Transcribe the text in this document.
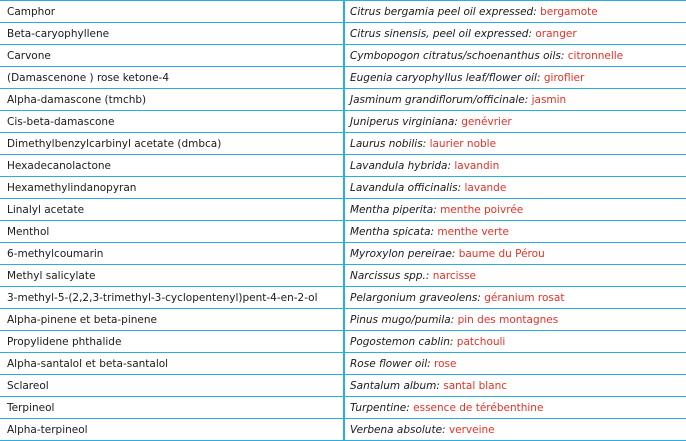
Camphor	Citrus bergamia peel oil expressed: bergamote
Beta-caryophyllene	Citrus sinensis, peel oil expressed: oranger
Carvone	Cymbopogon citratus/schoenanthus oils: citronnelle
(Damascenone ) rose ketone-4	Eugenia caryophyllus leaf/flower oil: giroflier
Alpha-damascone (tmchb)	Jasminum grandiflorum/officinale: jasmin
Cis-beta-damascone	Juniperus virginiana: genévrier
Dimethylbenzylcarbinyl acetate (dmbca)	Laurus nobilis: laurier noble
Hexadecanolactone	Lavandula hybrida: lavandin
Hexamethylindanopyran	Lavandula officinalis: lavande
Linalyl acetate	Mentha piperita: menthe poivrée
Menthol	Mentha spicata: menthe verte
6-methylcoumarin	Myroxylon pereirae: baume du Pérou
Methyl salicylate	Narcissus spp.: narcisse
3-methyl-5-(2,2,3-trimethyl-3-cyclopentenyl)pent-4-en-2-ol	Pelargonium graveolens: géranium rosat
Alpha-pinene et beta-pinene	Pinus mugo/pumila: pin des montagnes
Propylidene phthalide	Pogostemon cablin: patchouli
Alpha-santalol et beta-santalol	Rose flower oil: rose
Sclareol	Santalum album: santal blanc
Terpineol	Turpentine: essence de térébenthine
Alpha-terpineol	Verbena absolute: verveine
